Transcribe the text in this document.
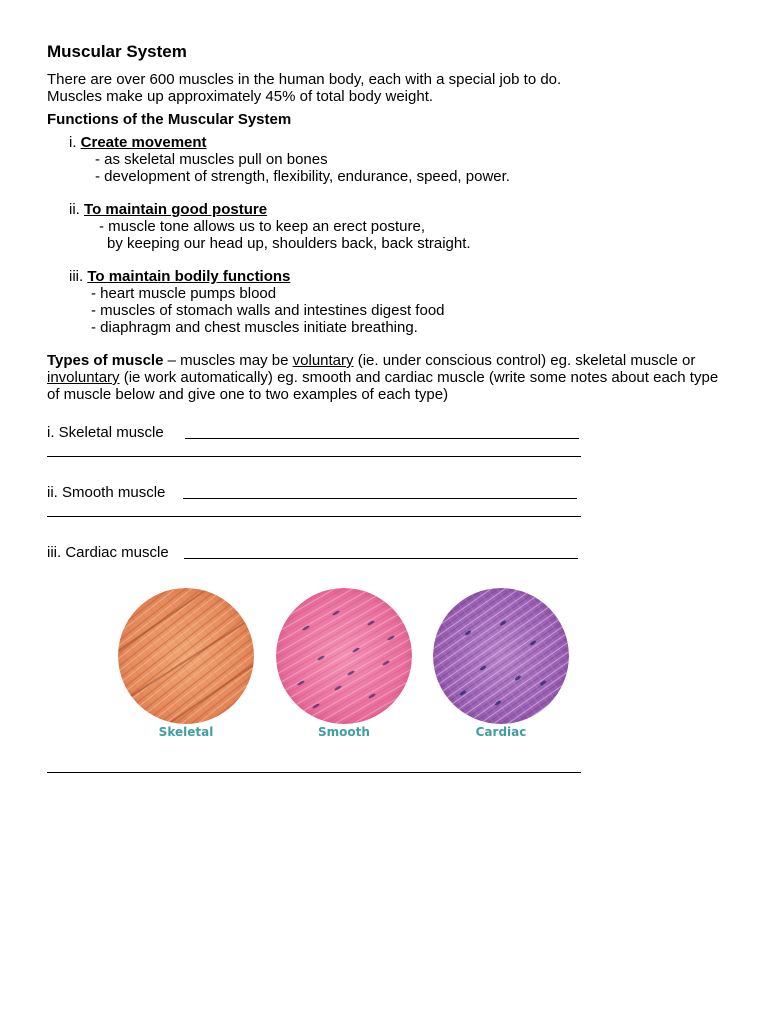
Muscular System

There are over 600 muscles in the human body, each with a special job to do.

Muscles make up approximately 45% of total body weight.

Functions of the Muscular System
i. Create movement
- as skeletal muscles pull on bones
- development of strength, flexibility, endurance, speed, power.
ii. To maintain good posture
- muscle tone allows us to keep an erect posture,
by keeping our head up, shoulders back, back straight.
iii. To maintain bodily functions
- heart muscle pumps blood
- muscles of stomach walls and intestines digest food
- diaphragm and chest muscles initiate breathing.

Types of muscle – muscles may be voluntary (ie. under conscious control) eg. skeletal muscle or involuntary (ie work automatically) eg. smooth and cardiac muscle (write some notes about each type of muscle below and give one to two examples of each type)

i. Skeletal muscle
ii. Smooth muscle
iii. Cardiac muscle
Skeletal	Smooth	Cardiac
